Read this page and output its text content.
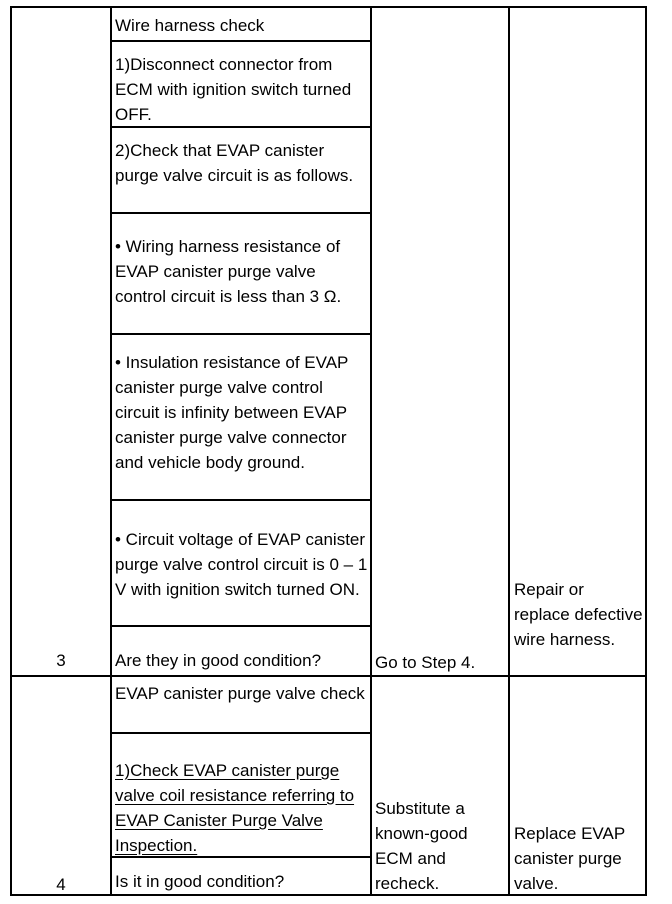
3
Wire harness check
1)Disconnect connector from ECM with ignition switch turned OFF.
2)Check that EVAP canister purge valve circuit is as follows.
• Wiring harness resistance of EVAP canister purge valve control circuit is less than 3 Ω.
• Insulation resistance of EVAP canister purge valve control circuit is infinity between EVAP canister purge valve connector and vehicle body ground.
• Circuit voltage of EVAP canister purge valve control circuit is 0 – 1 V with ignition switch turned ON.
Are they in good condition?	Go to Step 4.
Repair or replace defective wire harness.
4
EVAP canister purge valve check
1)Check EVAP canister purge valve coil resistance referring to EVAP Canister Purge Valve Inspection.
Is it in good condition?
Substitute a known-good ECM and recheck.
Replace EVAP canister purge valve.
